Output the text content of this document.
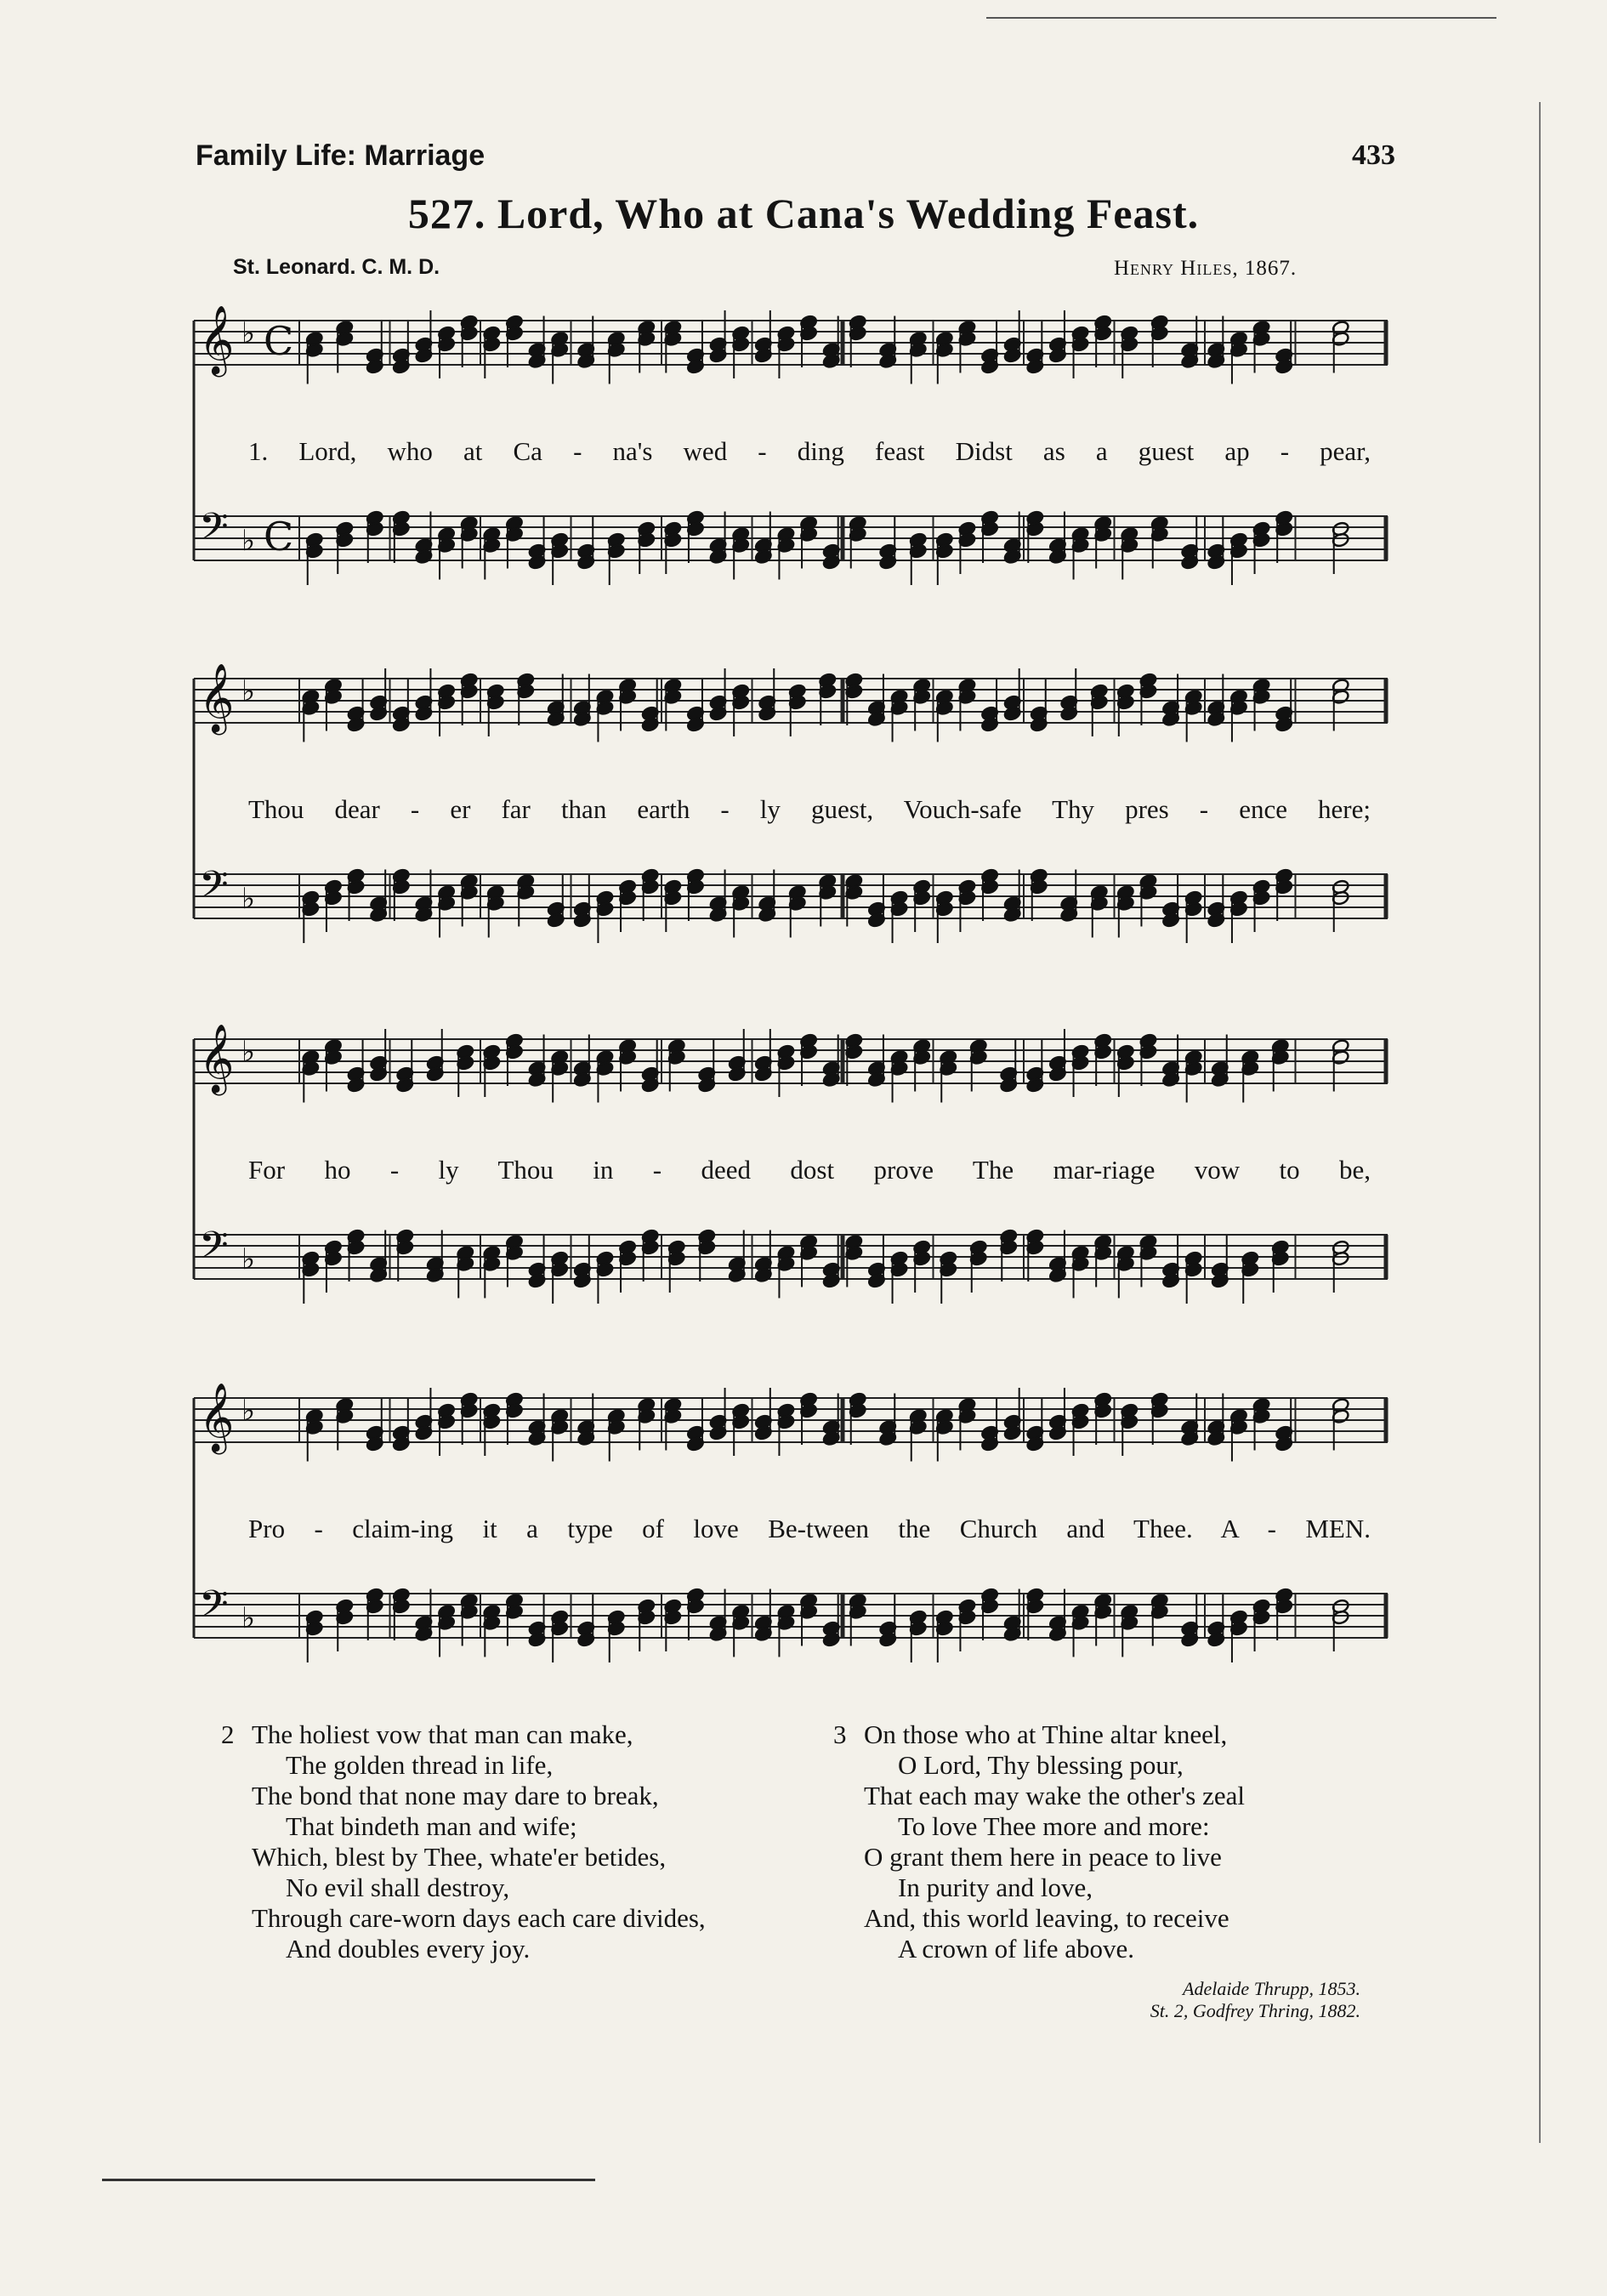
Family Life: Marriage	433
527. Lord, Who at Cana's Wedding Feast.
St. Leonard. C. M. D.	Henry Hiles, 1867.
𝄞 ♭ C
𝄢 ♭ C
1. Lord, who at Ca - na's wed - ding feast Didst as a guest ap - pear,
𝄞 ♭
𝄢 ♭
Thou dear - er far than earth - ly guest, Vouch-safe Thy pres - ence here;
𝄞 ♭
𝄢 ♭
For ho - ly Thou in - deed dost prove The mar-riage vow to be,
𝄞 ♭
𝄢 ♭
Pro - claim-ing it a type of love Be-tween the Church and Thee. A - MEN.
2 The holiest vow that man can make,
The golden thread in life,
The bond that none may dare to break,
That bindeth man and wife;
Which, blest by Thee, whate'er betides,
No evil shall destroy,
Through care-worn days each care divides,
And doubles every joy.
3 On those who at Thine altar kneel,
O Lord, Thy blessing pour,
That each may wake the other's zeal
To love Thee more and more:
O grant them here in peace to live
In purity and love,
And, this world leaving, to receive
A crown of life above.
Adelaide Thrupp, 1853.
St. 2, Godfrey Thring, 1882.
